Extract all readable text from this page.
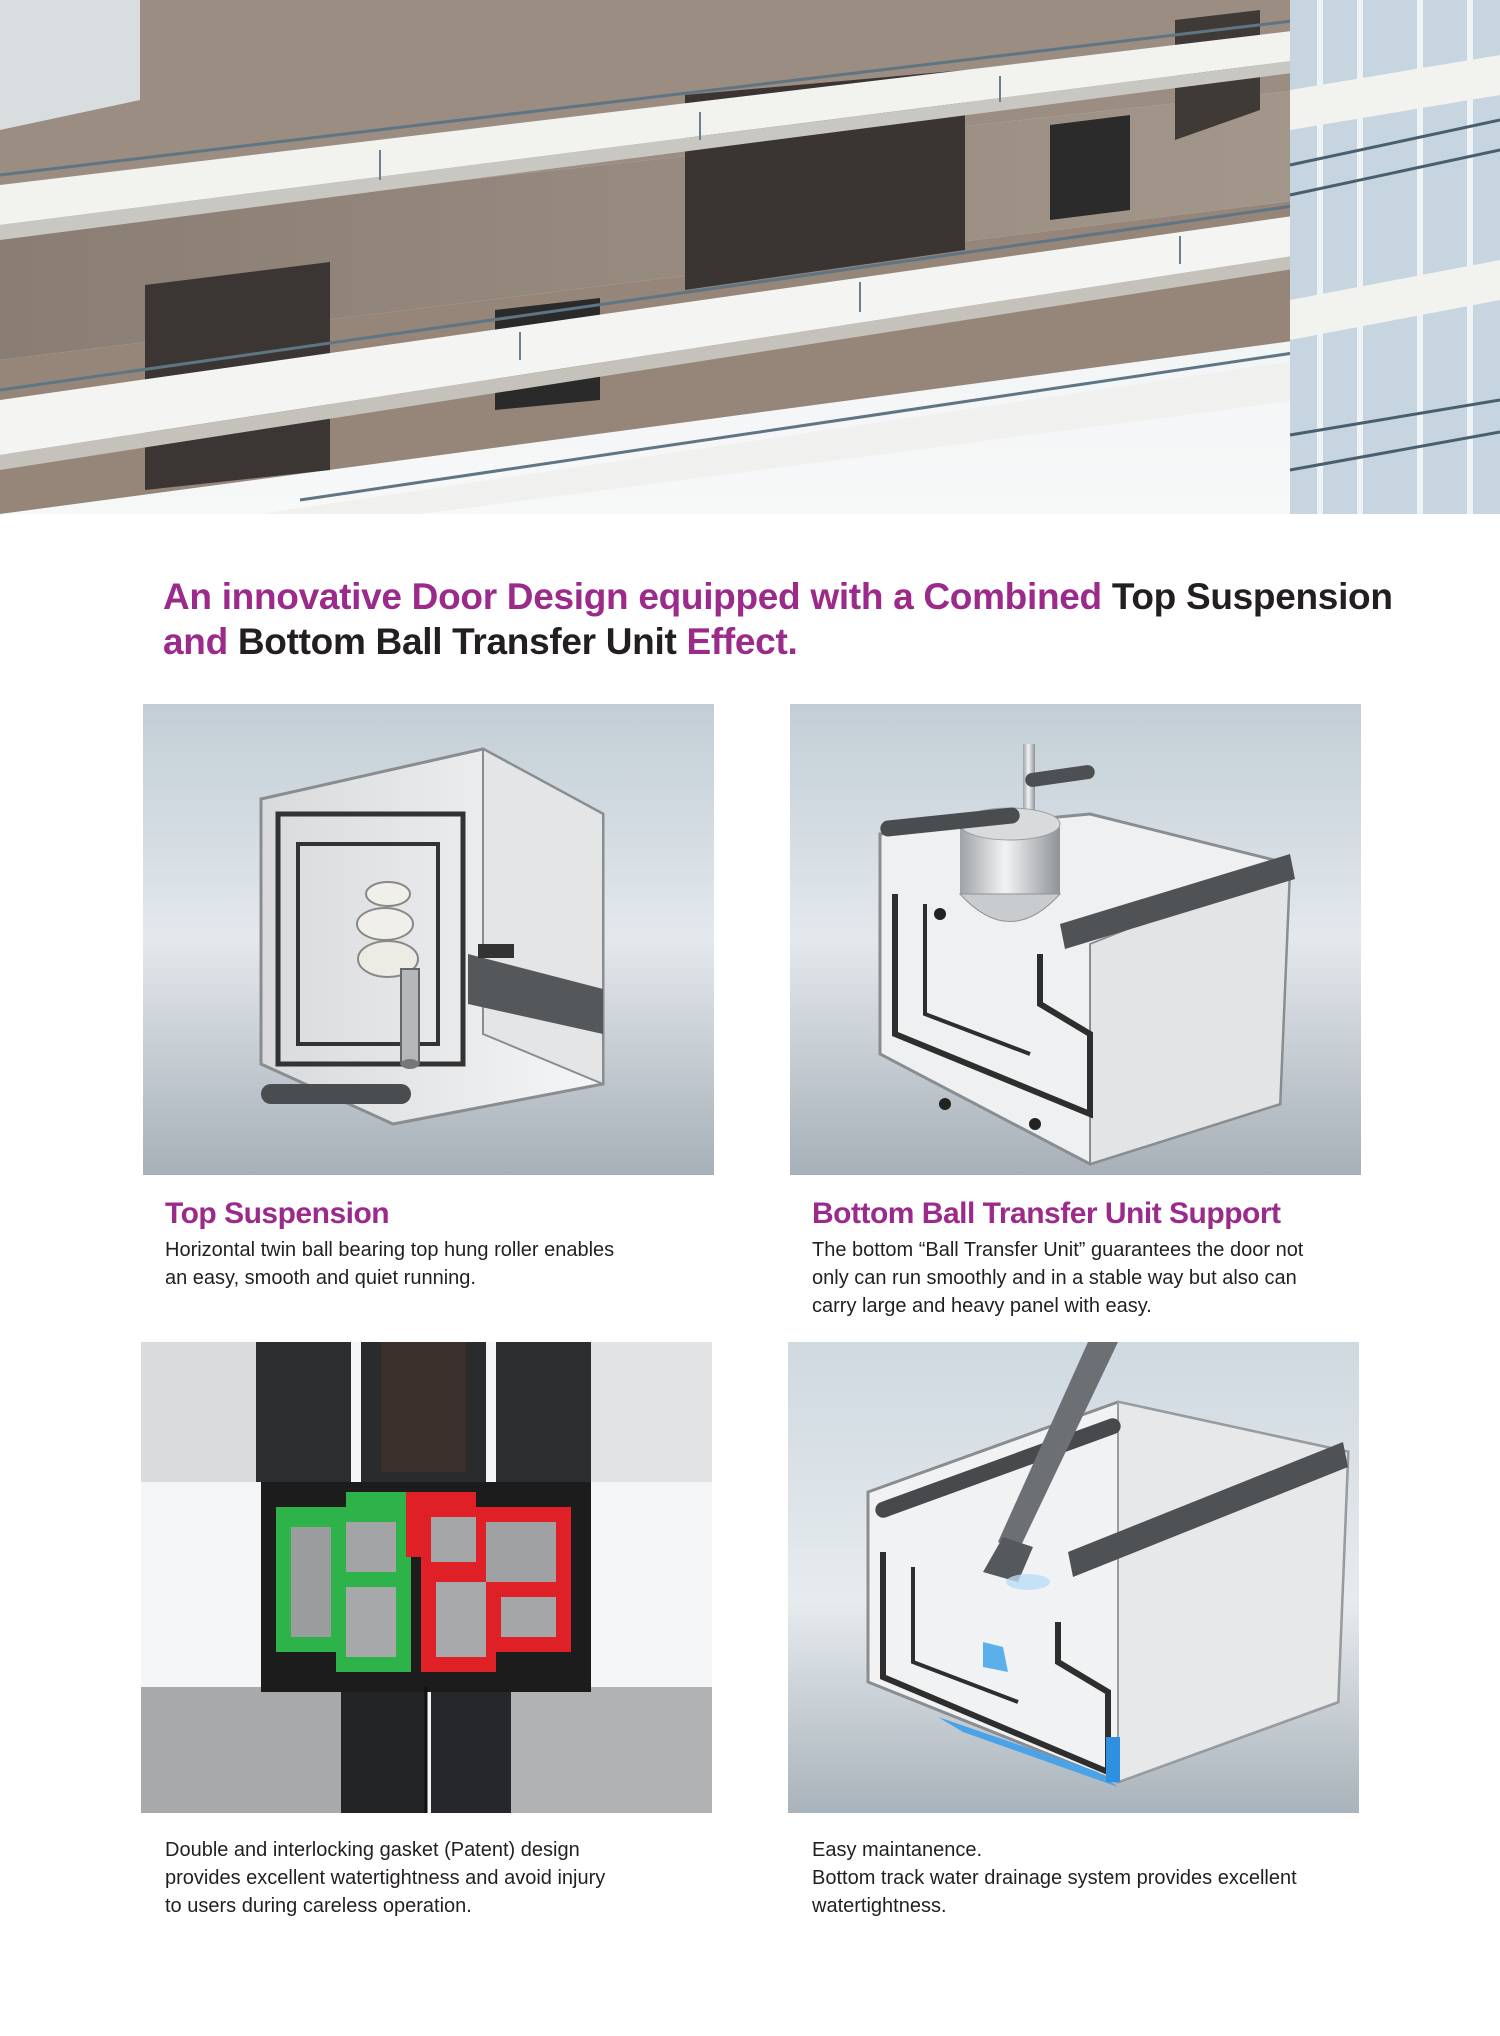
An innovative Door Design equipped with a Combined Top Suspension
and Bottom Ball Transfer Unit Effect.
Top Suspension

Horizontal twin ball bearing top hung roller enables
an easy, smooth and quiet running.

Bottom Ball Transfer Unit Support

The bottom “Ball Transfer Unit” guarantees the door not
only can run smoothly and in a stable way but also can
carry large and heavy panel with easy.

Double and interlocking gasket (Patent) design
provides excellent watertightness and avoid injury
to users during careless operation.

Easy maintanence.
Bottom track water drainage system provides excellent
watertightness.
